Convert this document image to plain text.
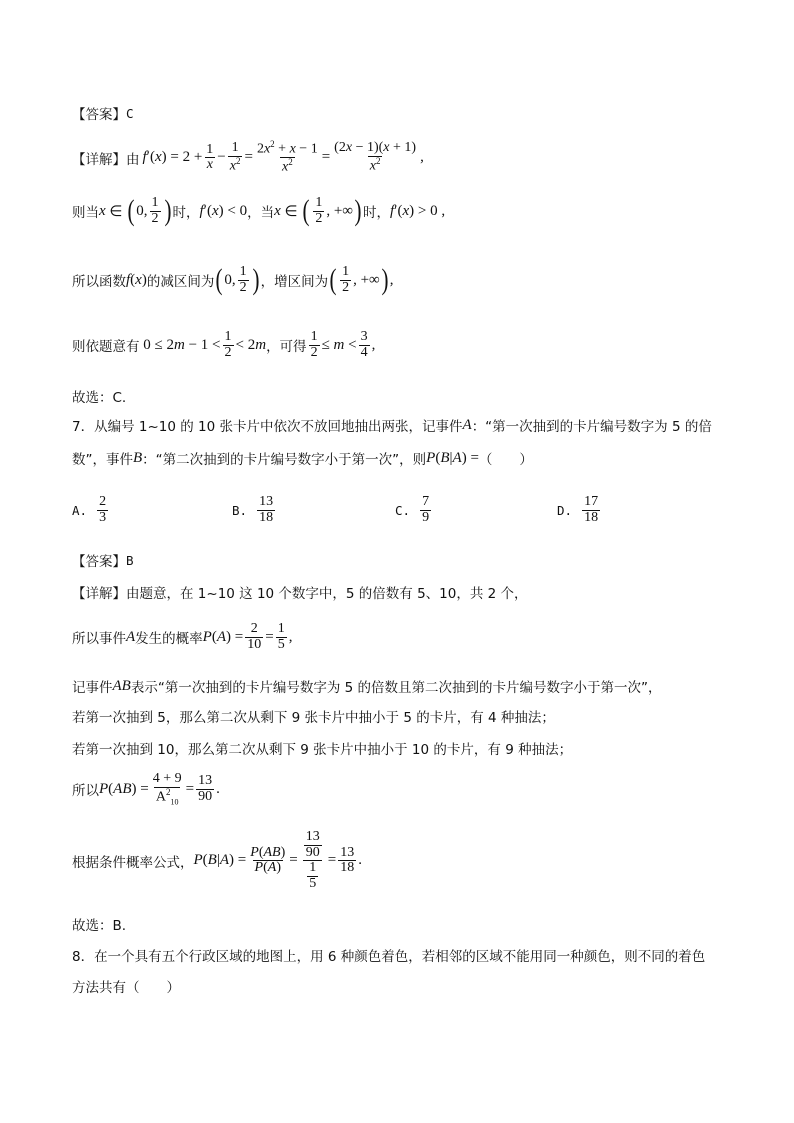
【答案】 C
【详解】 由 f ′( x ) = $2 + \frac{1}{x} - \frac{1}{x^2} = \frac{2x^2 + x - 1}{x^2} = \frac{(2x - 1)(x + 1)}{x^2}$ ,
则当 x ∈ ( 0, $\frac{1}{2}$ ) 时， f ′( x ) < 0 ，当 x ∈ ( $\frac{1}{2}$ , +∞ ) 时， f ′( x ) > 0 ,
所以函数 f ( x ) 的减区间为 ( 0, $\frac{1}{2}$ ) ，增区间为 ( $\frac{1}{2}$ , +∞ ) ,
则依题意有 0 ≤ 2 $m - 1 < \frac{1}{2} < 2$ m ，可得 $\frac{1}{2} \le m < \frac{3}{4}$ ,
故选：C.
7．从编号 1~10 的 10 张卡片中依次不放回地抽出两张，记事件 A ：“第一次抽到的卡片编号数字为 5 的倍
数”，事件 B ：“第二次抽到的卡片编号数字小于第一次”，则 P ( B | A ) = （　　）
A. $\frac{2}{3}$	B. $\frac{13}{18}$	C. $\frac{7}{9}$	D. $\frac{17}{18}$
【答案】 B
【详解】由题意，在 1~10 这 10 个数字中，5 的倍数有 5、10，共 2 个，
所以事件 A 发生的概率 P ( A ) = $\frac{2}{10} = \frac{1}{5}$ ,
记事件 AB 表示“第一次抽到的卡片编号数字为 5 的倍数且第二次抽到的卡片编号数字小于第一次”，
若第一次抽到 5，那么第二次从剩下 9 张卡片中抽小于 5 的卡片，有 4 种抽法；
若第一次抽到 10，那么第二次从剩下 9 张卡片中抽小于 10 的卡片，有 9 种抽法；
所以 P ( AB ) = $\frac{4 + 9}{A^2_{10}} = \frac{13}{90}$ .
根据条件概率公式， P ( B | A ) = $\frac{P(AB)}{P(A)} = \frac{\frac{13}{90}}{\frac{1}{5}} = \frac{13}{18}$ .
故选：B.
8．在一个具有五个行政区域的地图上，用 6 种颜色着色，若相邻的区域不能用同一种颜色，则不同的着色
方法共有（　　）
